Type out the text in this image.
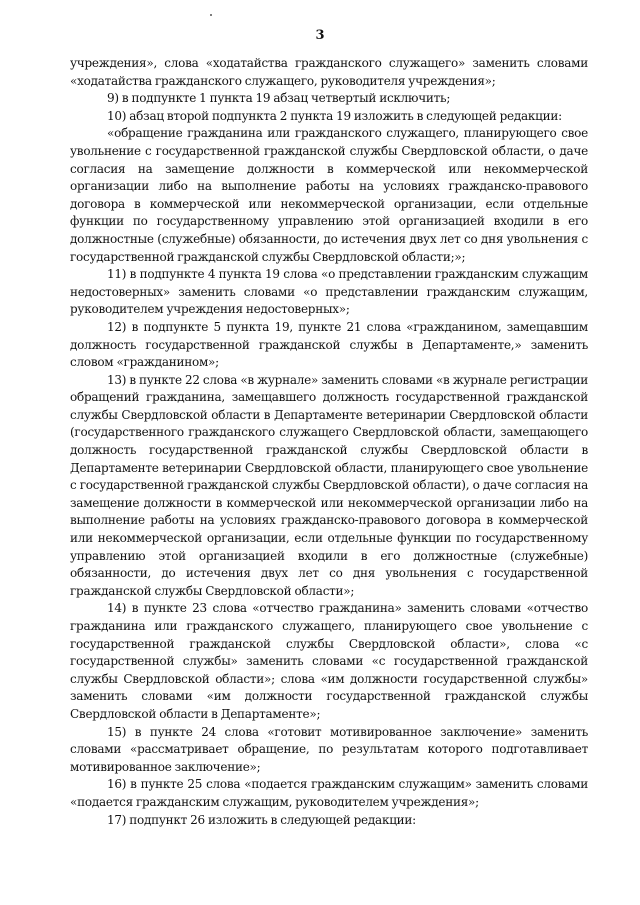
3

учреждения», слова «ходатайства гражданского служащего» заменить словами «ходатайства гражданского служащего, руководителя учреждения»;

9) в подпункте 1 пункта 19 абзац четвертый исключить;

10) абзац второй подпункта 2 пункта 19 изложить в следующей редакции:

«обращение гражданина или гражданского служащего, планирующего свое увольнение с государственной гражданской службы Свердловской области, о даче согласия на замещение должности в коммерческой или некоммерческой организации либо на выполнение работы на условиях гражданско-правового договора в коммерческой или некоммерческой организации, если отдельные функции по государственному управлению этой организацией входили в его должностные (служебные) обязанности, до истечения двух лет со дня увольнения с государственной гражданской службы Свердловской области;»;

11) в подпункте 4 пункта 19 слова «о представлении гражданским служащим недостоверных» заменить словами «о представлении гражданским служащим, руководителем учреждения недостоверных»;

12) в подпункте 5 пункта 19, пункте 21 слова «гражданином, замещавшим должность государственной гражданской службы в Департаменте,» заменить словом «гражданином»;

13) в пункте 22 слова «в журнале» заменить словами «в журнале регистрации обращений гражданина, замещавшего должность государственной гражданской службы Свердловской области в Департаменте ветеринарии Свердловской области (государственного гражданского служащего Свердловской области, замещающего должность государственной гражданской службы Свердловской области в Департаменте ветеринарии Свердловской области, планирующего свое увольнение с государственной гражданской службы Свердловской области), о даче согласия на замещение должности в коммерческой или некоммерческой организации либо на выполнение работы на условиях гражданско-правового договора в коммерческой или некоммерческой организации, если отдельные функции по государственному управлению этой организацией входили в его должностные (служебные) обязанности, до истечения двух лет со дня увольнения с государственной гражданской службы Свердловской области»;

14) в пункте 23 слова «отчество гражданина» заменить словами «отчество гражданина или гражданского служащего, планирующего свое увольнение с государственной гражданской службы Свердловской области», слова «с государственной службы» заменить словами «с государственной гражданской службы Свердловской области»; слова «им должности государственной службы» заменить словами «им должности государственной гражданской службы Свердловской области в Департаменте»;

15) в пункте 24 слова «готовит мотивированное заключение» заменить словами «рассматривает обращение, по результатам которого подготавливает мотивированное заключение»;

16) в пункте 25 слова «подается гражданским служащим» заменить словами «подается гражданским служащим, руководителем учреждения»;

17) подпункт 26 изложить в следующей редакции:
